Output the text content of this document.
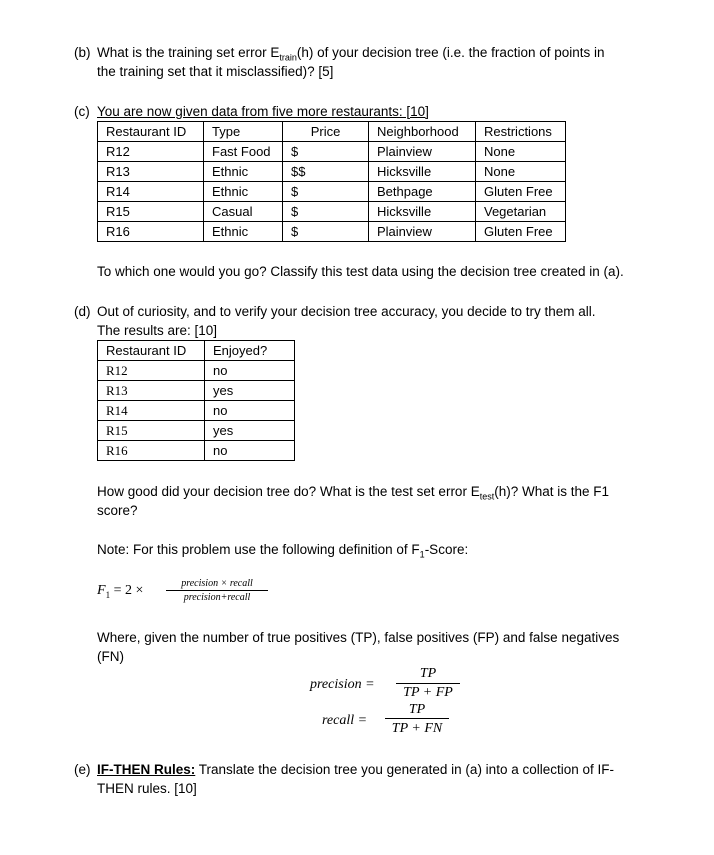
(b) What is the training set error $E_{train}(h)$ of your decision tree (i.e. the fraction of points in
the training set that it misclassified)? [5]
(c) You are now given data from five more restaurants: [10]
Restaurant ID	Type	Price	Neighborhood	Restrictions
R12	Fast Food	$	Plainview	None
R13	Ethnic	$$	Hicksville	None
R14	Ethnic	$	Bethpage	Gluten Free
R15	Casual	$	Hicksville	Vegetarian
R16	Ethnic	$	Plainview	Gluten Free
To which one would you go? Classify this test data using the decision tree created in (a).
(d) Out of curiosity, and to verify your decision tree accuracy, you decide to try them all.
The results are: [10]
Restaurant ID	Enjoyed?
R12	no
R13	yes
R14	no
R15	yes
R16	no
How good did your decision tree do? What is the test set error $E_{test}(h)$? What is the F1
score?
Note: For this problem use the following definition of $F_1$-Score:
$F_1 = 2$ ×	precision × recall
precision+recall
Where, given the number of true positives (TP), false positives (FP) and false negatives
(FN)
precision = $\frac{TP}{TP + FP}$
recall = $\frac{TP}{TP + FN}$
(e) IF-THEN Rules: Translate the decision tree you generated in (a) into a collection of IF-
THEN rules. [10]
